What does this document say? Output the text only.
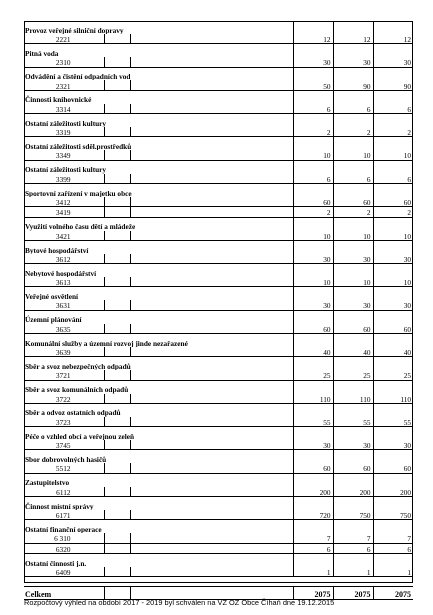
Provoz veřejné silniční dopravy					
2221			12	12	12
Pitná voda					
2310			30	30	30
Odvádění a čistění odpadních vod					
2321			50	90	90
Činnosti knihovnické					
3314			6	6	6
Ostatní záležitosti kultury					
3319			2	2	2
Ostatní záležitosti sděl.prostředků					
3349			10	10	10
Ostatní záležitosti kultury					
3399			6	6	6
Sportovní zařízení v majetku obce					
3412			60	60	60
3419			2	2	2
Využití volného času dětí a mládeže					
3421			10	10	10
Bytové hospodářství					
3612			30	30	30
Nebytové hospodářství					
3613			10	10	10
Veřejné osvětlení					
3631			30	30	30
Územní plánování					
3635			60	60	60
Komunální služby a územní rozvoj jinde nezařazené					
3639			40	40	40
Sběr a svoz nebezpečných odpadů					
3721			25	25	25
Sběr a svoz komunálních odpadů					
3722			110	110	110
Sběr a odvoz ostatních odpadů					
3723			55	55	55
Péče o vzhled obcí a veřejnou zeleň					
3745			30	30	30
Sbor dobrovolných hasičů					
5512			60	60	60
Zastupitelstvo					
6112			200	200	200
Činnost místní správy					
6171			720	750	750
Ostatní finanční operace					
6 310			7	7	7
6320			6	6	6
Ostatní činnosti j.n.					
6409			1	1	1

Celkem			2075	2075	2075
Rozpočtový výhled na období 2017 - 2019 byl schválen na VZ OZ Obce Číhaň dne 19.12.2015
